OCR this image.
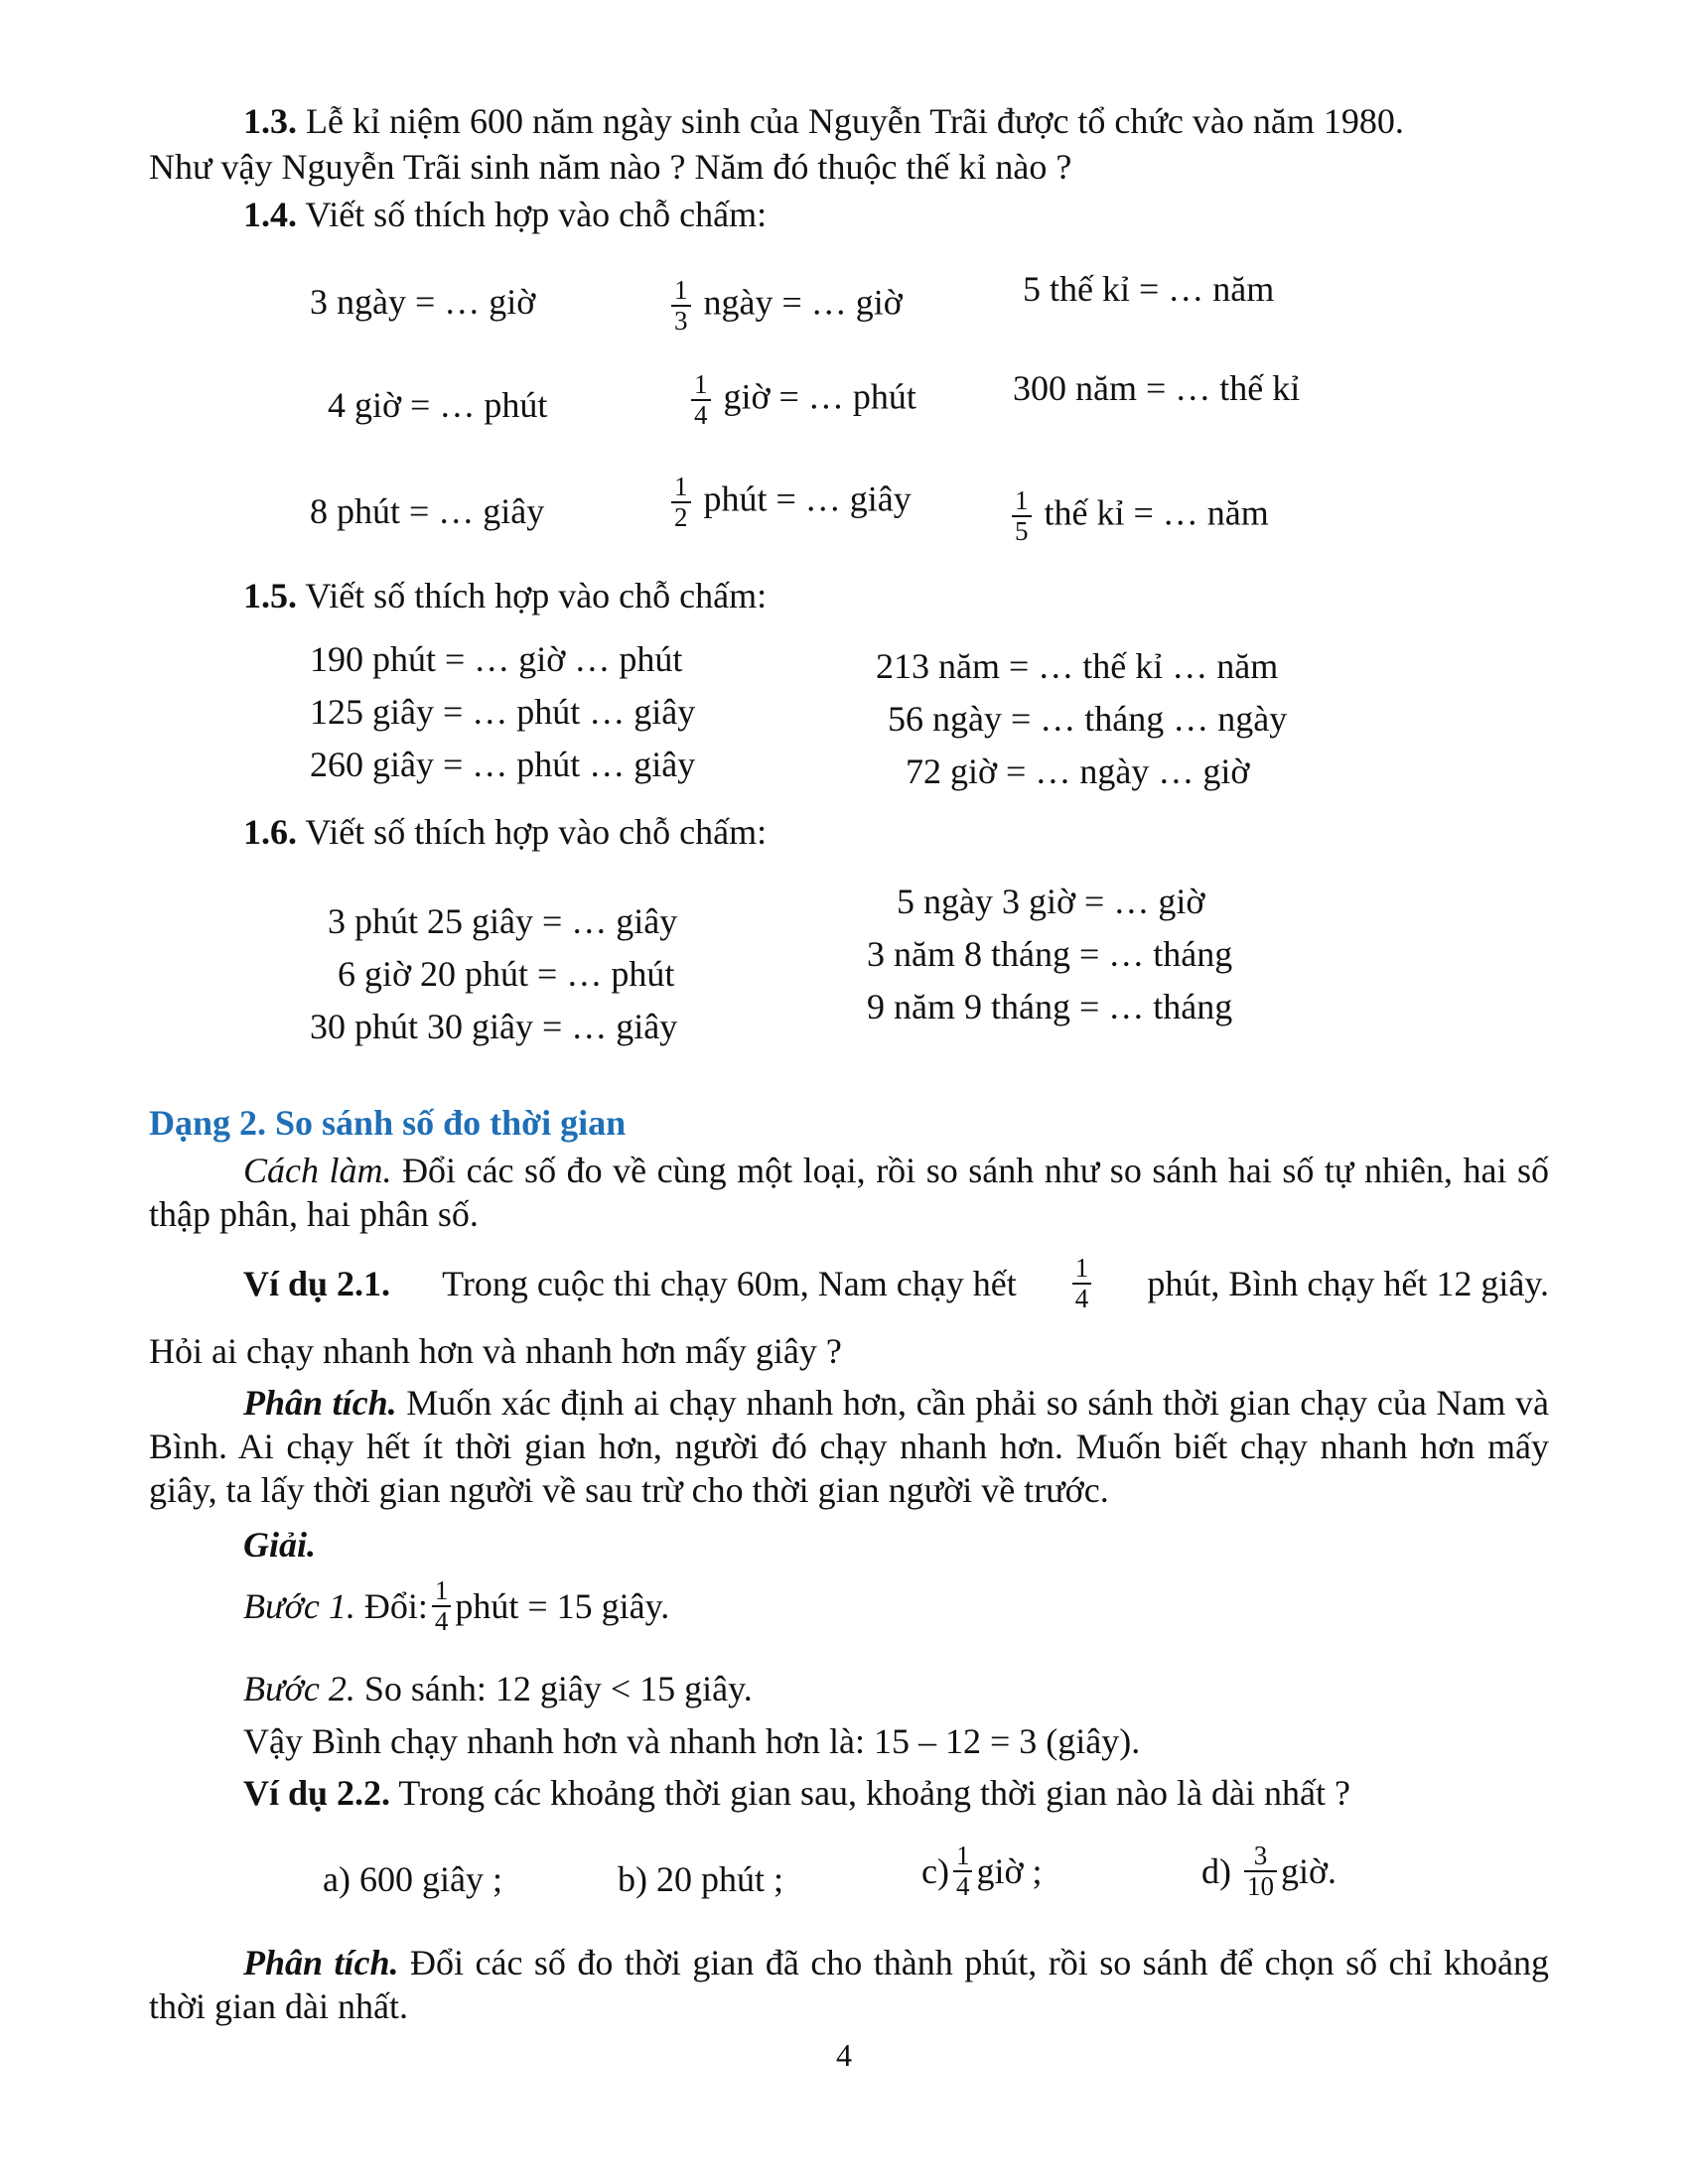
1.3. Lễ kỉ niệm 600 năm ngày sinh của Nguyễn Trãi được tổ chức vào năm 1980.
Như vậy Nguyễn Trãi sinh năm nào ? Năm đó thuộc thế kỉ nào ?
1.4. Viết số thích hợp vào chỗ chấm:
3 ngày = … giờ	$\frac{1}{3}$ ngày = … giờ	5 thế kỉ = … năm
4 giờ = … phút	$\frac{1}{4}$ giờ = … phút	300 năm = … thế kỉ
8 phút = … giây	$\frac{1}{2}$ phút = … giây	$\frac{1}{5}$ thế kỉ = … năm
1.5. Viết số thích hợp vào chỗ chấm:
190 phút = … giờ … phút
125 giây = … phút … giây
260 giây = … phút … giây
213 năm = … thế kỉ … năm
56 ngày = … tháng … ngày
72 giờ = … ngày … giờ
1.6. Viết số thích hợp vào chỗ chấm:
3 phút 25 giây = … giây
6 giờ 20 phút = … phút
30 phút 30 giây = … giây
5 ngày 3 giờ = … giờ
3 năm 8 tháng = … tháng
9 năm 9 tháng = … tháng
Dạng 2. So sánh số đo thời gian
Cách làm. Đổi các số đo về cùng một loại, rồi so sánh như so sánh hai số tự nhiên, hai số thập phân, hai phân số.
Ví dụ 2.1. Trong cuộc thi chạy 60m, Nam chạy hết $\frac{1}{4}$ phút, Bình chạy hết 12 giây.
Hỏi ai chạy nhanh hơn và nhanh hơn mấy giây ?
Phân tích. Muốn xác định ai chạy nhanh hơn, cần phải so sánh thời gian chạy của Nam và Bình. Ai chạy hết ít thời gian hơn, người đó chạy nhanh hơn. Muốn biết chạy nhanh hơn mấy giây, ta lấy thời gian người về sau trừ cho thời gian người về trước.
Giải.
Bước 1.
Đổi: $\frac{1}{4}$ phút = 15 giây.
Bước 2. So sánh: 12 giây < 15 giây.
Vậy Bình chạy nhanh hơn và nhanh hơn là: 15 – 12 = 3 (giây).
Ví dụ 2.2. Trong các khoảng thời gian sau, khoảng thời gian nào là dài nhất ?
a) 600 giây ;	b) 20 phút ;	$c) \frac{1}{4}$ giờ ;	d)
$\frac{3}{10}$ giờ.
Phân tích. Đổi các số đo thời gian đã cho thành phút, rồi so sánh để chọn số chỉ khoảng thời gian dài nhất.
4
